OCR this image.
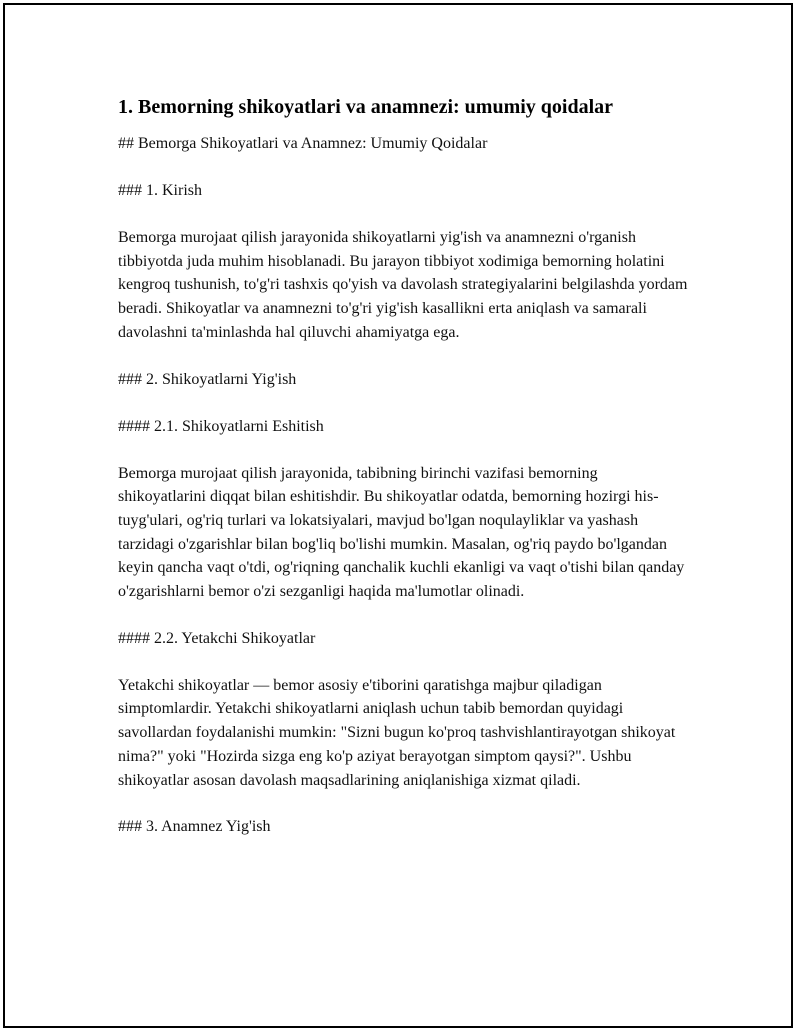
1. Bemorning shikoyatlari va anamnezi: umumiy qoidalar

## Bemorga Shikoyatlari va Anamnez: Umumiy Qoidalar

### 1. Kirish

Bemorga murojaat qilish jarayonida shikoyatlarni yig'ish va anamnezni o'rganish tibbiyotda juda muhim hisoblanadi. Bu jarayon tibbiyot xodimiga bemorning holatini kengroq tushunish, to'g'ri tashxis qo'yish va davolash strategiyalarini belgilashda yordam beradi. Shikoyatlar va anamnezni to'g'ri yig'ish kasallikni erta aniqlash va samarali davolashni ta'minlashda hal qiluvchi ahamiyatga ega.

### 2. Shikoyatlarni Yig'ish

#### 2.1. Shikoyatlarni Eshitish

Bemorga murojaat qilish jarayonida, tabibning birinchi vazifasi bemorning shikoyatlarini diqqat bilan eshitishdir. Bu shikoyatlar odatda, bemorning hozirgi his-tuyg'ulari, og'riq turlari va lokatsiyalari, mavjud bo'lgan noqulayliklar va yashash tarzidagi o'zgarishlar bilan bog'liq bo'lishi mumkin. Masalan, og'riq paydo bo'lgandan keyin qancha vaqt o'tdi, og'riqning qanchalik kuchli ekanligi va vaqt o'tishi bilan qanday o'zgarishlarni bemor o'zi sezganligi haqida ma'lumotlar olinadi.

#### 2.2. Yetakchi Shikoyatlar

Yetakchi shikoyatlar — bemor asosiy e'tiborini qaratishga majbur qiladigan simptomlardir. Yetakchi shikoyatlarni aniqlash uchun tabib bemordan quyidagi savollardan foydalanishi mumkin: "Sizni bugun ko'proq tashvishlantirayotgan shikoyat nima?" yoki "Hozirda sizga eng ko'p aziyat berayotgan simptom qaysi?". Ushbu shikoyatlar asosan davolash maqsadlarining aniqlanishiga xizmat qiladi.

### 3. Anamnez Yig'ish
